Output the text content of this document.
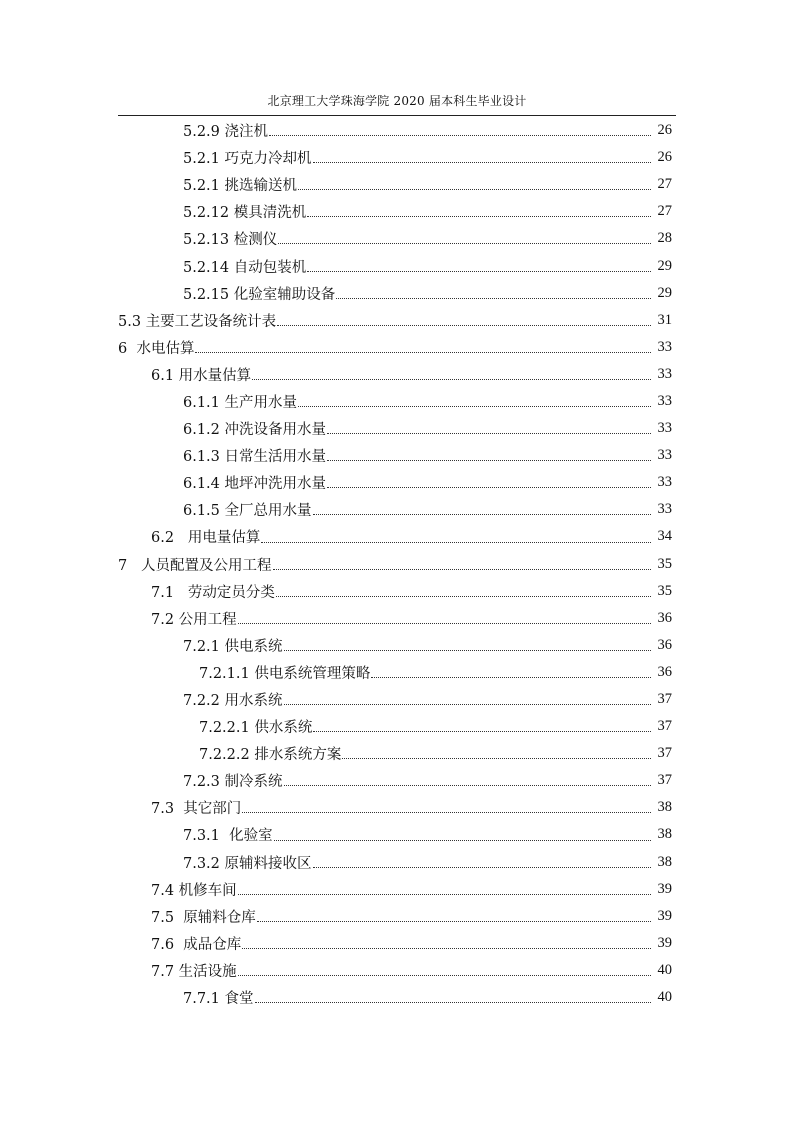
北京理工大学珠海学院 2020 届本科生毕业设计
5.2.9 浇注机	26
5.2.1 巧克力冷却机	26
5.2.1 挑选输送机	27
5.2.12 模具清洗机	27
5.2.13 检测仪	28
5.2.14 自动包装机	29
5.2.15 化验室辅助设备	29
5.3 主要工艺设备统计表	31
6  水电估算	33
6.1 用水量估算	33
6.1.1 生产用水量	33
6.1.2 冲洗设备用水量	33
6.1.3 日常生活用水量	33
6.1.4 地坪冲洗用水量	33
6.1.5 全厂总用水量	33
6.2   用电量估算	34
7   人员配置及公用工程	35
7.1   劳动定员分类	35
7.2 公用工程	36
7.2.1 供电系统	36
7.2.1.1 供电系统管理策略	36
7.2.2 用水系统	37
7.2.2.1 供水系统	37
7.2.2.2 排水系统方案	37
7.2.3 制冷系统	37
7.3  其它部门	38
7.3.1  化验室	38
7.3.2 原辅料接收区	38
7.4 机修车间	39
7.5  原辅料仓库	39
7.6  成品仓库	39
7.7 生活设施	40
7.7.1 食堂	40
